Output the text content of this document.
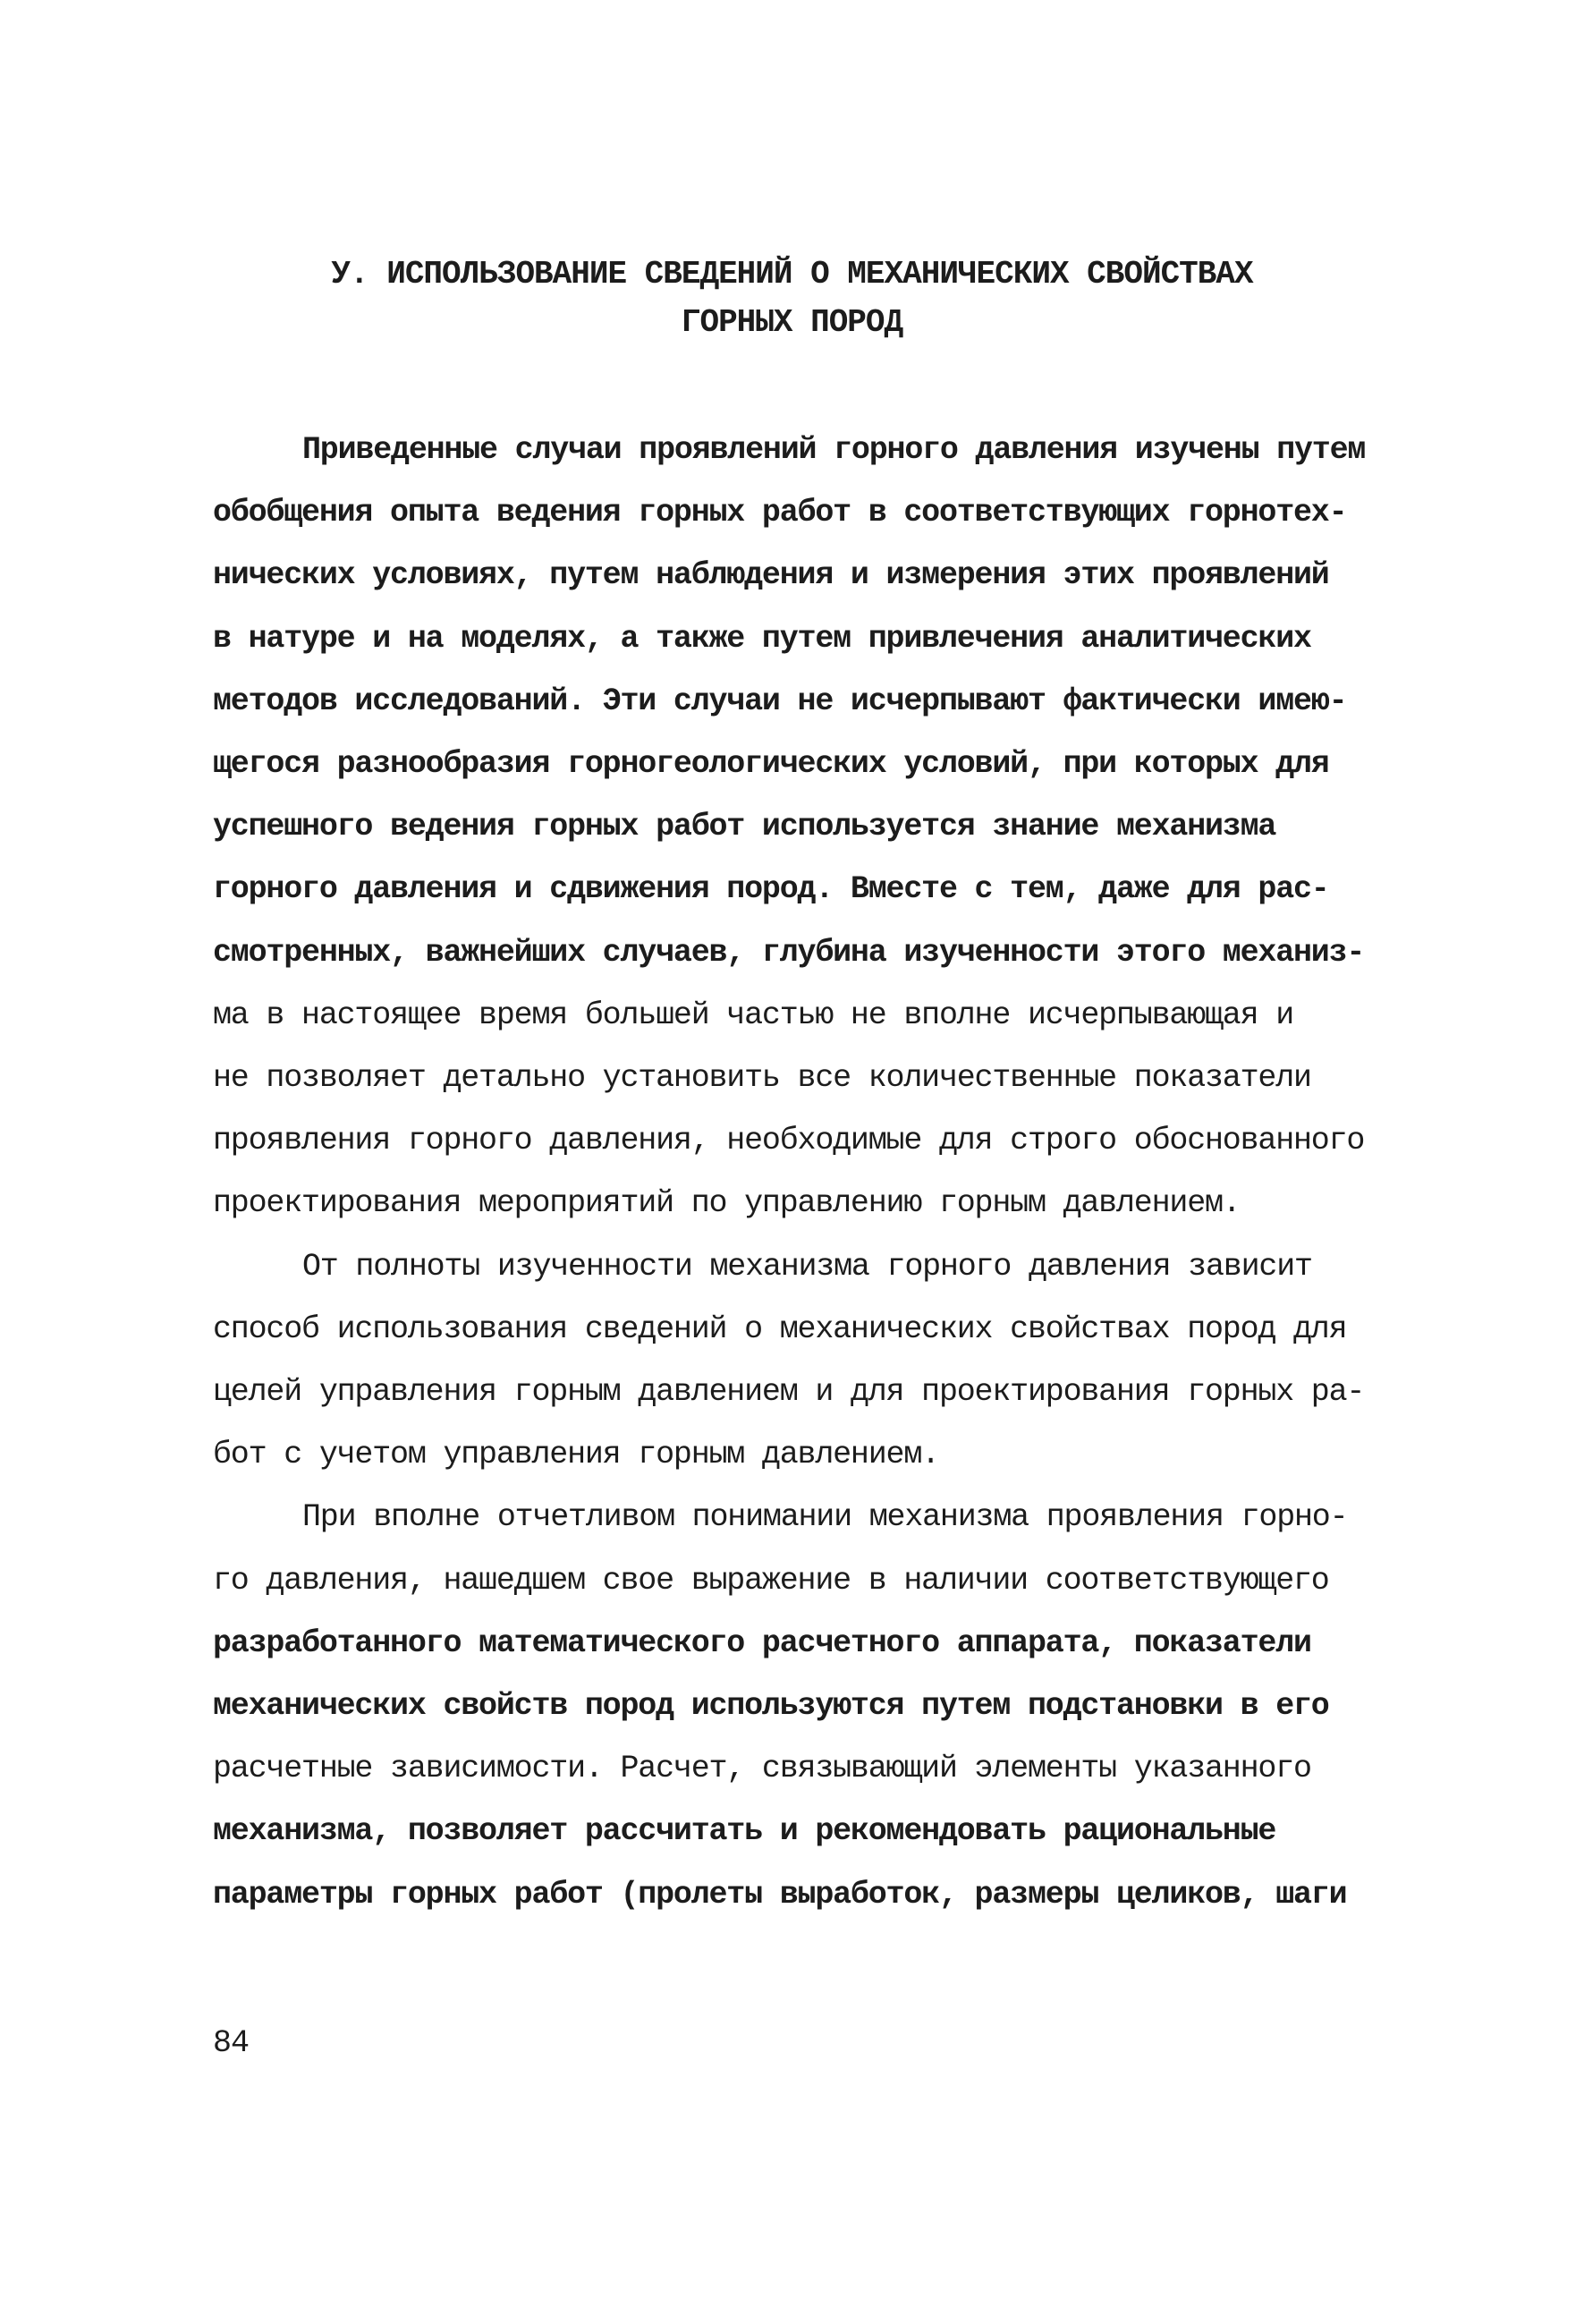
У. ИСПОЛЬЗОВАНИЕ СВЕДЕНИЙ О МЕХАНИЧЕСКИХ СВОЙСТВАХ
ГОРНЫХ ПОРОД
Приведенные случаи проявлений горного давления изучены путем
обобщения опыта ведения горных работ в соответствующих горнотех-
нических условиях, путем наблюдения и измерения этих проявлений
в натуре и на моделях, а также путем привлечения аналитических
методов исследований. Эти случаи не исчерпывают фактически имею-
щегося разнообразия горногеологических условий, при которых для
успешного ведения горных работ используется знание механизма
горного давления и сдвижения пород. Вместе с тем, даже для рас-
смотренных, важнейших случаев, глубина изученности этого механиз-
ма в настоящее время большей частью не вполне исчерпывающая и
не позволяет детально установить все количественные показатели
проявления горного давления, необходимые для строго обоснованного
проектирования мероприятий по управлению горным давлением.
От полноты изученности механизма горного давления зависит
способ использования сведений о механических свойствах пород для
целей управления горным давлением и для проектирования горных ра-
бот с учетом управления горным давлением.
При вполне отчетливом понимании механизма проявления горно-
го давления, нашедшем свое выражение в наличии соответствующего
разработанного математического расчетного аппарата, показатели
механических свойств пород используются путем подстановки в его
расчетные зависимости. Расчет, связывающий элементы указанного
механизма, позволяет рассчитать и рекомендовать рациональные
параметры горных работ (пролеты выработок, размеры целиков, шаги
84
